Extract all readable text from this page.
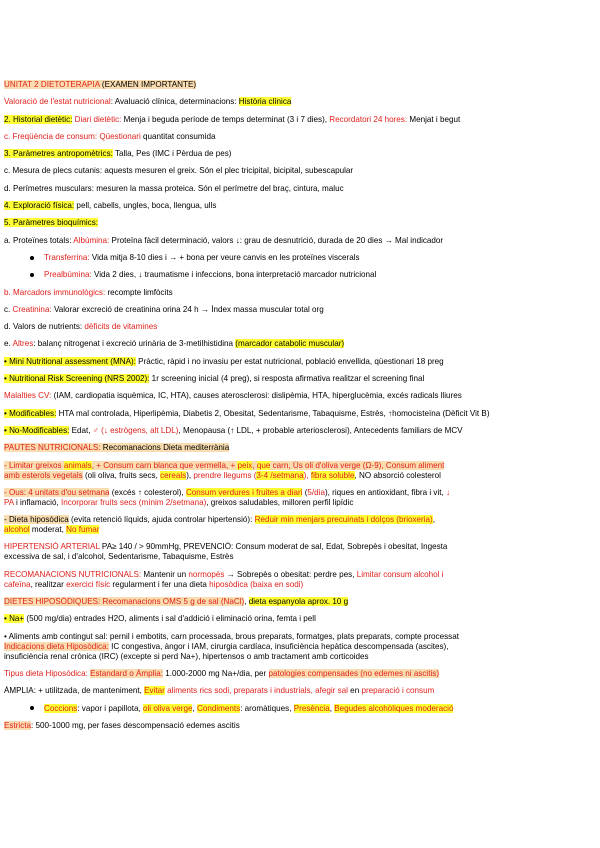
UNITAT 2 DIETOTERAPIA (EXAMEN IMPORTANTE)
Valoració de l'estat nutricional: Avaluació clínica, determinacions: Història clínica
2. Historial dietètic: Diari dietètic: Menja i beguda període de temps determinat (3 i 7 dies), Recordatori 24 hores: Menjat i begut
c. Freqüència de consum: Qüestionari quantitat consumida
3. Paràmetres antropomètrics: Talla, Pes (IMC i Pèrdua de pes)
c. Mesura de plecs cutanis: aquests mesuren el greix. Són el plec tricipital, bicipital, subescapular
d. Perímetres musculars: mesuren la massa proteica. Són el perímetre del braç, cintura, maluc
4. Exploració física: pell, cabells, ungles, boca, llengua, ulls
5. Paràmetres bioquímics:
a. Proteïnes totals: Albúmina: Proteïna fàcil determinació, valors ↓: grau de desnutrició, durada de 20 dies → Mal indicador
Transferrina: Vida mitja 8-10 dies i → + bona per veure canvis en les proteïnes viscerals
Prealbúmina: Vida 2 dies, ↓ traumatisme i infeccions, bona interpretació marcador nutricional
b. Marcadors immunològics: recompte limfòcits
c. Creatinina: Valorar excreció de creatinina orina 24 h → Índex massa muscular total org
d. Valors de nutrients: dèficits de vitamines
e. Altres: balanç nitrogenat i excreció urinària de 3-metilhistidina (marcador catabolic muscular)
• Mini Nutritional assessment (MNA): Pràctic, ràpid i no invasiu per estat nutricional, població envellida, qüestionari 18 preg
• Nutritional Risk Screening (NRS 2002): 1r screening inicial (4 preg), si resposta afirmativa realitzar el screening final
Malalties CV: (IAM, cardiopatia isquèmica, IC, HTA), causes aterosclerosi: dislipèmia, HTA, hiperglucèmia, excés radicals lliures
• Modificables: HTA mal controlada, Hiperlipèmia, Diabetis 2, Obesitat, Sedentarisme, Tabaquisme, Estrès, ↑homocisteïna (Dèficit Vit B)
• No-Modificables: Edat, ♂ (↓ estrògens, alt LDL), Menopausa (↑ LDL, + probable arteriosclerosi), Antecedents familiars de MCV
PAUTES NUTRICIONALS: Recomanacions Dieta mediterrània
- Limitar greixos animals, + Consum carn blanca que vermella, + peix, que carn, Ús oli d'oliva verge (Ω-9), Consum aliment
amb esterols vegetals (oli oliva, fruits secs, cereals), prendre llegums (3-4 /setmana), fibra soluble, NO absorció colesterol
- Ous: 4 unitats d'ou setmana (excés ↑ colesterol), Consum verdures i fruites a diari (5/dia), riques en antioxidant, fibra i vit, ↓
PA i inflamació, Incorporar fruits secs (mínim 2/setmana), greixos saludables, milloren perfil lipídic
- Dieta hiposòdica (evita retenció líquids, ajuda controlar hipertensió): Reduir min menjars precuinats i dolços (brioxeria),
alcohol moderat, No fumar
HIPERTENSIÓ ARTERIAL PA≥ 140 / > 90mmHg, PREVENCIÓ: Consum moderat de sal, Edat, Sobrepès i obesitat, Ingesta
excessiva de sal, i d'alcohol, Sedentarisme, Tabaquisme, Estrès
RECOMANACIONS NUTRICIONALS: Mantenir un normopès → Sobrepès o obesitat: perdre pes, Limitar consum alcohol i
cafeïna, realitzar exercici físic regularment i fer una dieta hiposòdica (baixa en sodi)
DIETES HIPOSÒDIQUES: Recomanacions OMS 5 g de sal (NaCl), dieta espanyola aprox. 10 g
• Na+ (500 mg/dia) entrades H2O, aliments i sal d'addició i eliminació orina, femta i pell
• Aliments amb contingut sal: pernil i embotits, carn processada, brous preparats, formatges, plats preparats, compte processat
Indicacions dieta Hiposòdica: IC congestiva, àngor i IAM, cirurgia cardíaca, insuficiència hepàtica descompensada (ascites),
insuficiència renal crònica (IRC) (excepte si perd Na+), hipertensos o amb tractament amb corticoides
Tipus dieta Hiposòdica: Estandard o Àmplia: 1.000-2000 mg Na+/dia, per patologies compensades (no edemes ni ascitis)
ÀMPLIA: + utilitzada, de manteniment, Evitar aliments rics sodi, preparats i industrials, afegir sal en preparació i consum
Coccions: vapor i papillota, oli oliva verge, Condiments: aromàtiques, Presència, Begudes alcohòliques moderació
Estricta: 500-1000 mg, per fases descompensació edemes ascitis
